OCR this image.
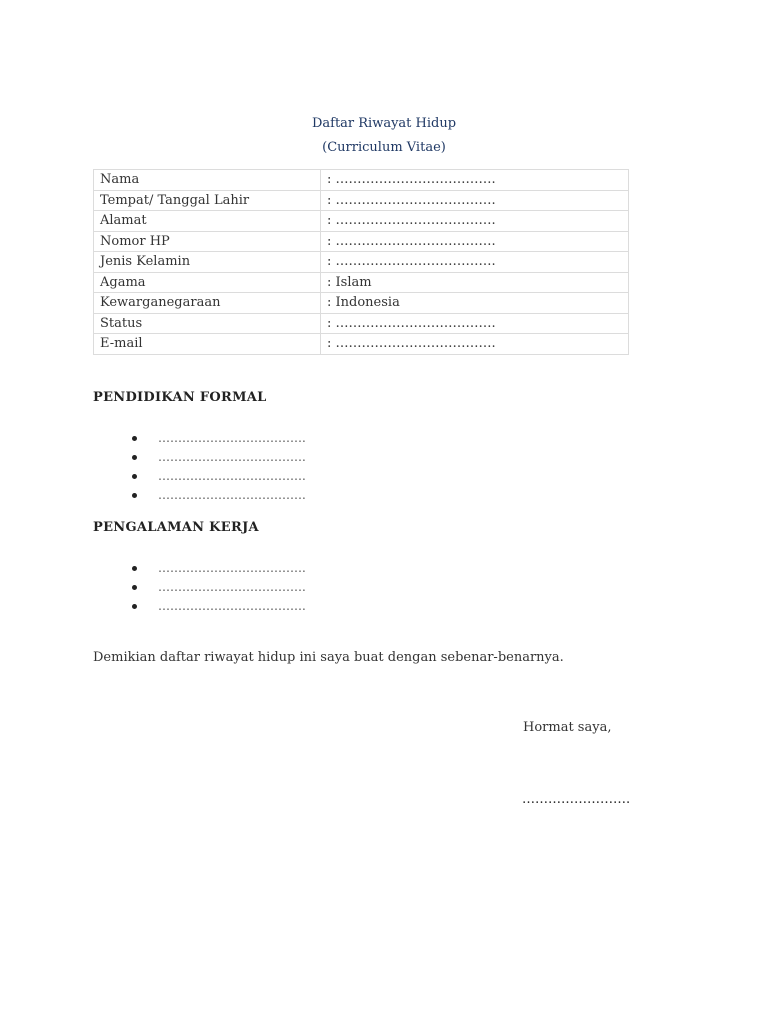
Daftar Riwayat Hidup
(Curriculum Vitae)
Nama	: ……………………………….
Tempat/ Tanggal Lahir	: ……………………………….
Alamat	: ……………………………….
Nomor HP	: ……………………………….
Jenis Kelamin	: ……………………………….
Agama	: Islam
Kewarganegaraan	: Indonesia
Status	: ……………………………….
E-mail	: ……………………………….
PENDIDIKAN FORMAL
……………………………….
……………………………….
……………………………….
……………………………….
PENGALAMAN KERJA
……………………………….
……………………………….
……………………………….
Demikian daftar riwayat hidup ini saya buat dengan sebenar-benarnya.
Hormat saya,
…………………….
